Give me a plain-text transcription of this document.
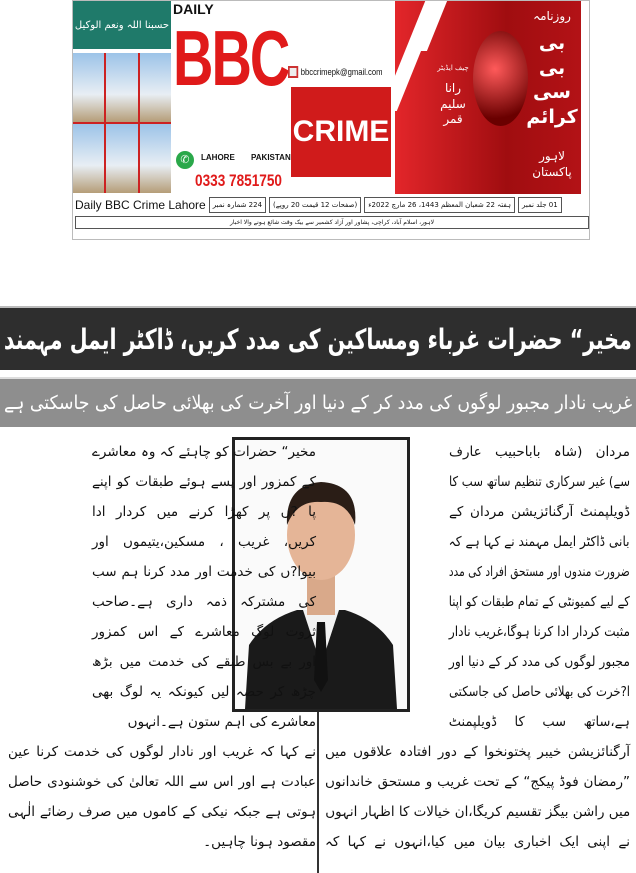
حسبنا اللہ ونعم الوکیل
DAILY
BBC bbccrimepk@gmail.com
CRIME
LAHORE PAKISTAN
✆
0333 7851750
چیف ایڈیٹر
رانا سلیم قمر
روزنامہ
بی بی سی کرائم
لاہور پاکستان
Daily BBC Crime Lahore	224 شمارہ نمبر	(صفحات 12 قیمت 20 روپے)	ہفتہ 22 شعبان المعظم 1443، 26 مارچ 2022ء	01 جلد نمبر
لاہور، اسلام آباد، کراچی، پشاور اور آزاد کشمیر سے بیک وقت شائع ہونے والا اخبار
مخیر“ حضرات غرباء ومساکین کی مدد کریں، ڈاکٹر ایمل مہمند
غریب نادار مجبور لوگوں کی مدد کر کے دنیا اور آخرت کی بھلائی حاصل کی جاسکتی ہے
مردان (شاہ باباحبیب عارف
سے) غیر سرکاری تنظیم ساتھ سب کا
ڈویلپمنٹ آرگنائزیشن مردان کے
بانی ڈاکٹر ایمل مہمند نے کہا ہے کہ
ضرورت مندوں اور مستحق افراد کی مدد
کے لیے کمیونٹی کے تمام طبقات کو اپنا
مثبت کردار ادا کرنا ہوگا،غریب نادار
مجبور لوگوں کی مدد کر کے دنیا اور
ا?خرت کی بھلائی حاصل کی جاسکتی
ہے،ساتھ سب کا ڈویلپمنٹ
آرگنائزیشن خیبر پختونخوا کے دور افتادہ علاقوں میں
”رمضان فوڈ پیکج“ کے تحت غریب و مستحق خاندانوں
میں راشن بیگز تقسیم کریگا،ان خیالات کا اظہار انہوں
نے اپنی ایک اخباری بیان میں کیا،انہوں نے کہا کہ
مخیر“ حضرات کو چاہئے کہ وہ معاشرے
کے کمزور اور پسے ہوئے طبقات کو اپنے
پا ?ں پر کھڑا کرنے میں کردار ادا
کریں، غریب ، مسکین،یتیموں اور
بیوا?ں کی خدمت اور مدد کرنا ہم سب
کی مشترکہ ذمہ داری ہے۔صاحب
ثروت لوگ معاشرے کے اس کمزور
اور بے بس طبقے کی خدمت میں بڑھ
چڑھ کر حصہ لیں کیونکہ یہ لوگ بھی
معاشرے کی اہم ستون ہے۔انہوں
نے کہا کہ غریب اور نادار لوگوں کی خدمت کرنا عین
عبادت ہے اور اس سے اللہ تعالیٰ کی خوشنودی حاصل
ہوتی ہے جبکہ نیکی کے کاموں میں صرف رضائے الٰہی
مقصود ہونا چاہیں۔
